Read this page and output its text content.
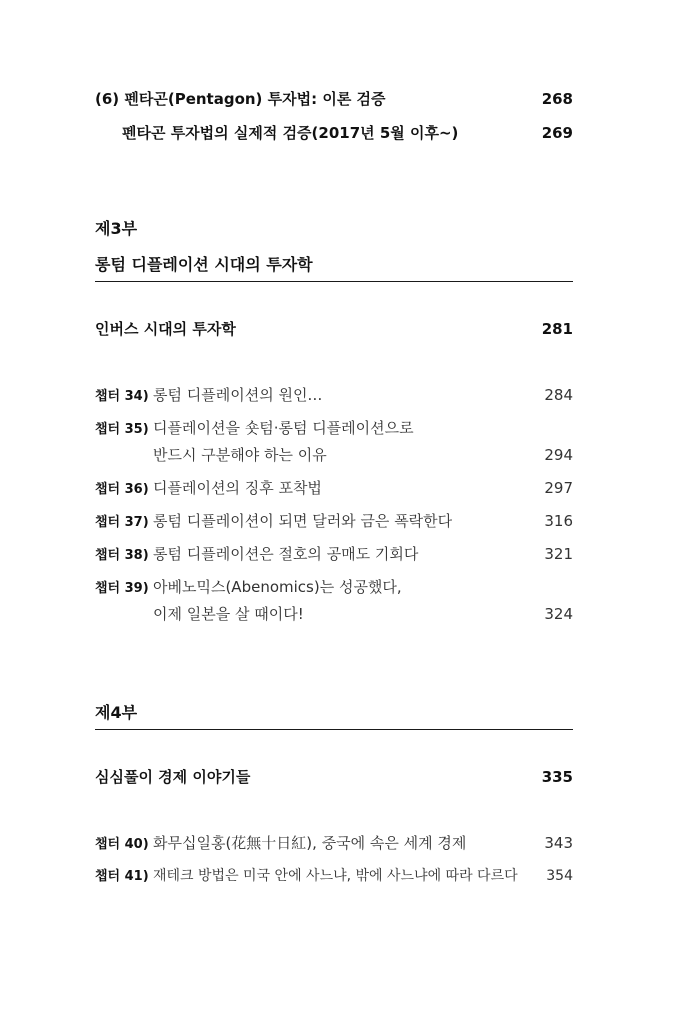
(6) 펜타곤(Pentagon) 투자법: 이론 검증	268
펜타곤 투자법의 실제적 검증(2017년 5월 이후~)	269
제3부
롱텀 디플레이션 시대의 투자학
인버스 시대의 투자학	281
챕터 34) 롱텀 디플레이션의 원인…	284
챕터 35) 디플레이션을 숏텀·롱텀 디플레이션으로
반드시 구분해야 하는 이유	294
챕터 36) 디플레이션의 징후 포착법	297
챕터 37) 롱텀 디플레이션이 되면 달러와 금은 폭락한다	316
챕터 38) 롱텀 디플레이션은 절호의 공매도 기회다	321
챕터 39) 아베노믹스(Abenomics)는 성공했다,
이제 일본을 살 때이다!	324
제4부
심심풀이 경제 이야기들	335
챕터 40) 화무십일홍(花無十日紅), 중국에 속은 세계 경제	343
챕터 41) 재테크 방법은 미국 안에 사느냐, 밖에 사느냐에 따라 다르다	354
